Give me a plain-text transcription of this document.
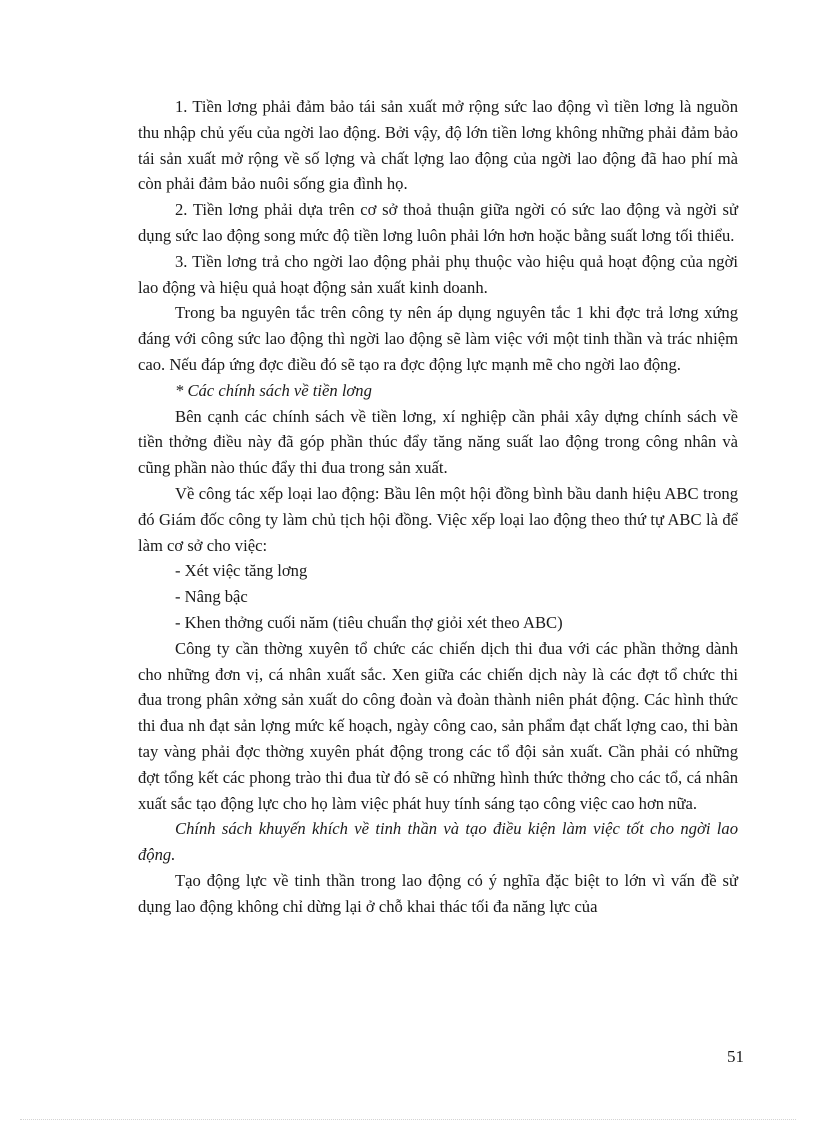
1. Tiền lơng phải đảm bảo tái sản xuất mở rộng sức lao động vì tiền lơng là nguồn thu nhập chủ yếu của ngời lao động. Bởi vậy, độ lớn tiền lơng không những phải đảm bảo tái sản xuất mở rộng về số lợng và chất lợng lao động của ngời lao động đã hao phí mà còn phải đảm bảo nuôi sống gia đình họ.

2. Tiền lơng phải dựa trên cơ sở thoả thuận giữa ngời có sức lao động và ngời sử dụng sức lao động song mức độ tiền lơng luôn phải lớn hơn hoặc bằng suất lơng tối thiểu.

3. Tiền lơng trả cho ngời lao động phải phụ thuộc vào hiệu quả hoạt động của ngời lao động và hiệu quả hoạt động sản xuất kinh doanh.

Trong ba nguyên tắc trên công ty nên áp dụng nguyên tắc 1 khi đợc trả lơng xứng đáng với công sức lao động thì ngời lao động sẽ làm việc với một tinh thần và trác nhiệm cao. Nếu đáp ứng đợc điều đó sẽ tạo ra đợc động lực mạnh mẽ cho ngời lao động.

* Các chính sách về tiền lơng

Bên cạnh các chính sách về tiền lơng, xí nghiệp cần phải xây dựng chính sách về tiền thởng điều này đã góp phần thúc đẩy tăng năng suất lao động trong công nhân và cũng phần nào thúc đẩy thi đua trong sản xuất.

Về công tác xếp loại lao động: Bầu lên một hội đồng bình bầu danh hiệu ABC trong đó Giám đốc công ty làm chủ tịch hội đồng. Việc xếp loại lao động theo thứ tự ABC là để làm cơ sở cho việc:

- Xét việc tăng lơng

- Nâng bậc

- Khen thởng cuối năm (tiêu chuẩn thợ giỏi xét theo ABC)

Công ty cần thờng xuyên tổ chức các chiến dịch thi đua với các phần thởng dành cho những đơn vị, cá nhân xuất sắc. Xen giữa các chiến dịch này là các đợt tổ chức thi đua trong phân xởng sản xuất do công đoàn và đoàn thành niên phát động. Các hình thức thi đua nh đạt sản lợng mức kế hoạch, ngày công cao, sản phẩm đạt chất lợng cao, thi bàn tay vàng phải đợc thờng xuyên phát động trong các tổ đội sản xuất. Cần phải có những đợt tổng kết các phong trào thi đua từ đó sẽ có những hình thức thởng cho các tổ, cá nhân xuất sắc tạo động lực cho họ làm việc phát huy tính sáng tạo công việc cao hơn nữa.

Chính sách khuyến khích về tinh thần và tạo điều kiện làm việc tốt cho ngời lao động.

Tạo động lực về tinh thần trong lao động có ý nghĩa đặc biệt to lớn vì vấn đề sử dụng lao động không chỉ dừng lại ở chỗ khai thác tối đa năng lực của

51
